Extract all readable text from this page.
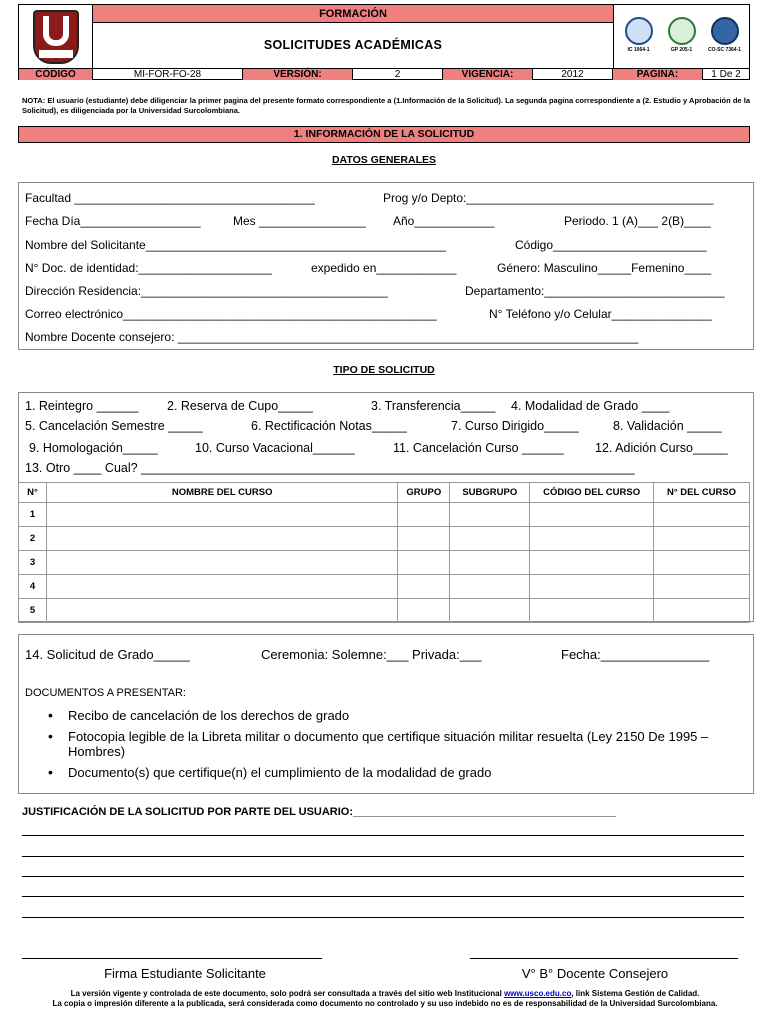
FORMACIÓN
SOLICITUDES ACADÉMICAS	IC 1064-1	GP 205-1	CO-SC 7364-1
CÓDIGO	MI-FOR-FO-28	VERSIÓN:	2	VIGENCIA:	2012	PAGINA:	1 De 2
NOTA: El usuario (estudiante) debe diligenciar la primer pagina del presente formato correspondiente a (1.Información de la Solicitud). La segunda pagina correspondiente a (2. Estudio y Aprobación de la Solicitud), es diligenciada por la Universidad Surcolombiana.
1. INFORMACIÓN DE LA SOLICITUD
DATOS GENERALES
Facultad ____________________________________	Prog y/o Depto:_____________________________________
Fecha Día__________________	Mes ________________ Año____________	Periodo. 1 (A)___ 2(B)____
Nombre del Solicitante_____________________________________________	Código_______________________
N° Doc. de identidad:____________________	expedido en____________	Género: Masculino_____Femenino____
Dirección Residencia:_____________________________________	Departamento:___________________________
Correo electrónico_______________________________________________	N° Teléfono y/o Celular_______________
Nombre Docente consejero: _____________________________________________________________________
TIPO DE SOLICITUD
1. Reintegro ______ 2. Reserva de Cupo_____	3. Transferencia_____ 4. Modalidad de Grado ____
5. Cancelación Semestre _____	6. Rectificación Notas_____	7. Curso Dirigido_____	8. Validación _____
9. Homologación_____	10. Curso Vacacional______	11. Cancelación Curso ______	12. Adición Curso_____
13. Otro ____ Cual? _______________________________________________________________________
N°	NOMBRE DEL CURSO	GRUPO	SUBGRUPO	CÓDIGO DEL CURSO	N° DEL CURSO
1					
2					
3					
4					
5					
14. Solicitud de Grado_____	Ceremonia: Solemne:___ Privada:___	Fecha:_______________
DOCUMENTOS A PRESENTAR:
• Recibo de cancelación de los derechos de grado
• Fotocopia legible de la Libreta militar o documento que certifique situación militar resuelta (Ley 2150 De 1995 – Hombres)
• Documento(s) que certifique(n) el cumplimiento de la modalidad de grado
JUSTIFICACIÓN DE LA SOLICITUD POR PARTE DEL USUARIO:___________________________________________
Firma Estudiante Solicitante	V° B° Docente Consejero
La versión vigente y controlada de este documento, solo podrá ser consultada a través del sitio web Institucional www.usco.edu.co, link Sistema Gestión de Calidad.
La copia o impresión diferente a la publicada, será considerada como documento no controlado y su uso indebido no es de responsabilidad de la Universidad Surcolombiana.
